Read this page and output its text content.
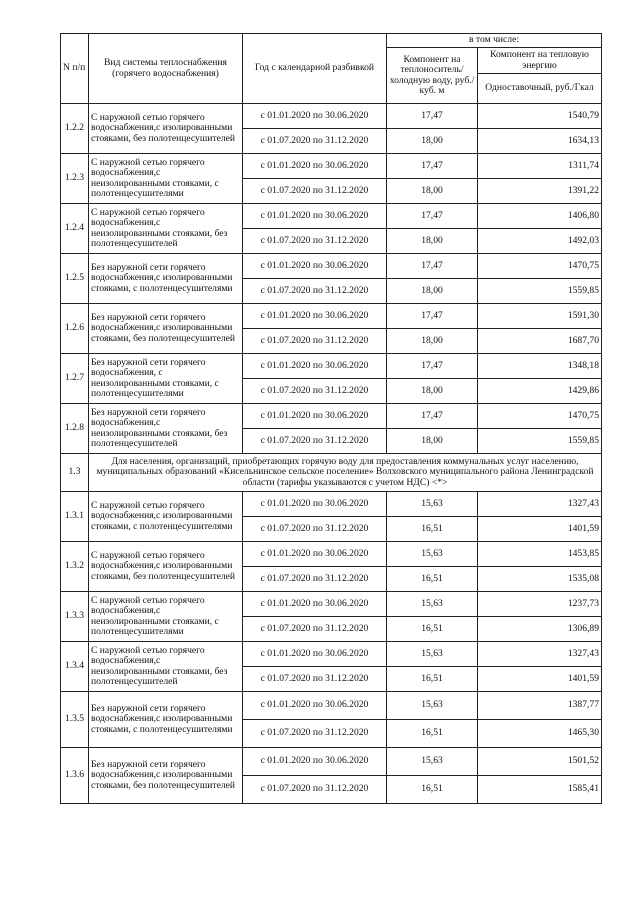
N п/п	Вид системы теплоснабжения (горячего водоснабжения)	Год с календарной разбивкой	в том числе:	
			Компонент на теплоноситель/холодную воду, руб./куб. м	Компонент на тепловую энергию
				Одноставочный, руб./Гкал
1.2.2	С наружной сетью горячего водоснабжения,с изолированными стояками, без полотенцесушителей	с 01.01.2020 по 30.06.2020	17,47	1540,79
		с 01.07.2020 по 31.12.2020	18,00	1634,13
1.2.3	С наружной сетью горячего водоснабжения,с неизолированными стояками, с полотенцесушителями	с 01.01.2020 по 30.06.2020	17,47	1311,74
		с 01.07.2020 по 31.12.2020	18,00	1391,22
1.2.4	С наружной сетью горячего водоснабжения,с неизолированными стояками, без полотенцесушителей	с 01.01.2020 по 30.06.2020	17,47	1406,80
		с 01.07.2020 по 31.12.2020	18,00	1492,03
1.2.5	Без наружной сети горячего водоснабжения,с изолированными стояками, с полотенцесушителями	с 01.01.2020 по 30.06.2020	17,47	1470,75
		с 01.07.2020 по 31.12.2020	18,00	1559,85
1.2.6	Без наружной сети горячего водоснабжения,с изолированными стояками, без полотенцесушителей	с 01.01.2020 по 30.06.2020	17,47	1591,30
		с 01.07.2020 по 31.12.2020	18,00	1687,70
1.2.7	Без наружной сети горячего водоснабжения, с неизолированными стояками, с полотенцесушителями	с 01.01.2020 по 30.06.2020	17,47	1348,18
		с 01.07.2020 по 31.12.2020	18,00	1429,86
1.2.8	Без наружной сети горячего водоснабжения,с неизолированными стояками, без полотенцесушителей	с 01.01.2020 по 30.06.2020	17,47	1470,75
		с 01.07.2020 по 31.12.2020	18,00	1559,85
1.3	Для населения, организаций, приобретающих горячую воду для предоставления коммунальных услуг населению, муниципальных образований «Кисельнинское сельское поселение» Волховского муниципального района Ленинградской области (тарифы указываются с учетом НДС) <*>			
1.3.1	С наружной сетью горячего водоснабжения,с изолированными стояками, с полотенцесушителями	с 01.01.2020 по 30.06.2020	15,63	1327,43
		с 01.07.2020 по 31.12.2020	16,51	1401,59
1.3.2	С наружной сетью горячего водоснабжения,с изолированными стояками, без полотенцесушителей	с 01.01.2020 по 30.06.2020	15,63	1453,85
		с 01.07.2020 по 31.12.2020	16,51	1535,08
1.3.3	С наружной сетью горячего водоснабжения,с неизолированными стояками, с полотенцесушителями	с 01.01.2020 по 30.06.2020	15,63	1237,73
		с 01.07.2020 по 31.12.2020	16,51	1306,89
1.3.4	С наружной сетью горячего водоснабжения,с неизолированными стояками, без полотенцесушителей	с 01.01.2020 по 30.06.2020	15,63	1327,43
		с 01.07.2020 по 31.12.2020	16,51	1401,59
1.3.5	Без наружной сети горячего водоснабжения,с изолированными стояками, с полотенцесушителями	с 01.01.2020 по 30.06.2020	15,63	1387,77
		с 01.07.2020 по 31.12.2020	16,51	1465,30
1.3.6	Без наружной сети горячего водоснабжения,с изолированными стояками, без полотенцесушителей	с 01.01.2020 по 30.06.2020	15,63	1501,52
		с 01.07.2020 по 31.12.2020	16,51	1585,41
